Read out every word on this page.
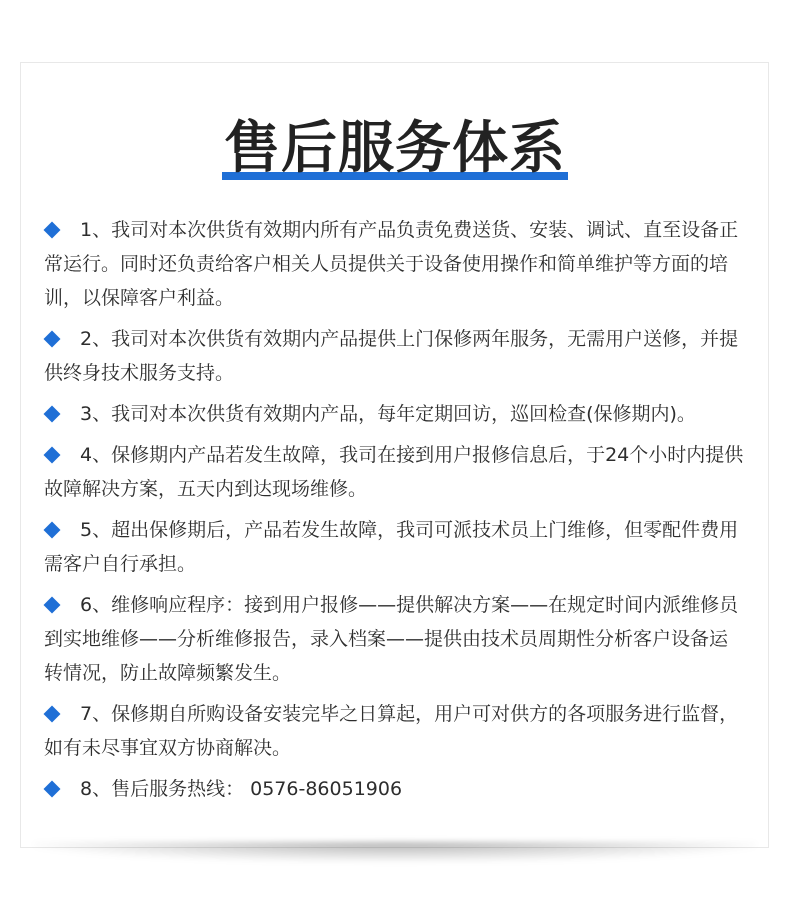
售后服务体系
1、我司对本次供货有效期内所有产品负责免费送货、安装、调试、直至设备正常运行。同时还负责给客户相关人员提供关于设备使用操作和简单维护等方面的培训，以保障客户利益。
2、我司对本次供货有效期内产品提供上门保修两年服务，无需用户送修，并提供终身技术服务支持。
3、我司对本次供货有效期内产品，每年定期回访，巡回检查(保修期内)。
4、保修期内产品若发生故障，我司在接到用户报修信息后，于24个小时内提供故障解决方案，五天内到达现场维修。
5、超出保修期后，产品若发生故障，我司可派技术员上门维修，但零配件费用需客户自行承担。
6、维修响应程序：接到用户报修——提供解决方案——在规定时间内派维修员到实地维修——分析维修报告，录入档案——提供由技术员周期性分析客户设备运转情况，防止故障频繁发生。
7、保修期自所购设备安装完毕之日算起，用户可对供方的各项服务进行监督，如有未尽事宜双方协商解决。
8、售后服务热线： 0576-86051906
